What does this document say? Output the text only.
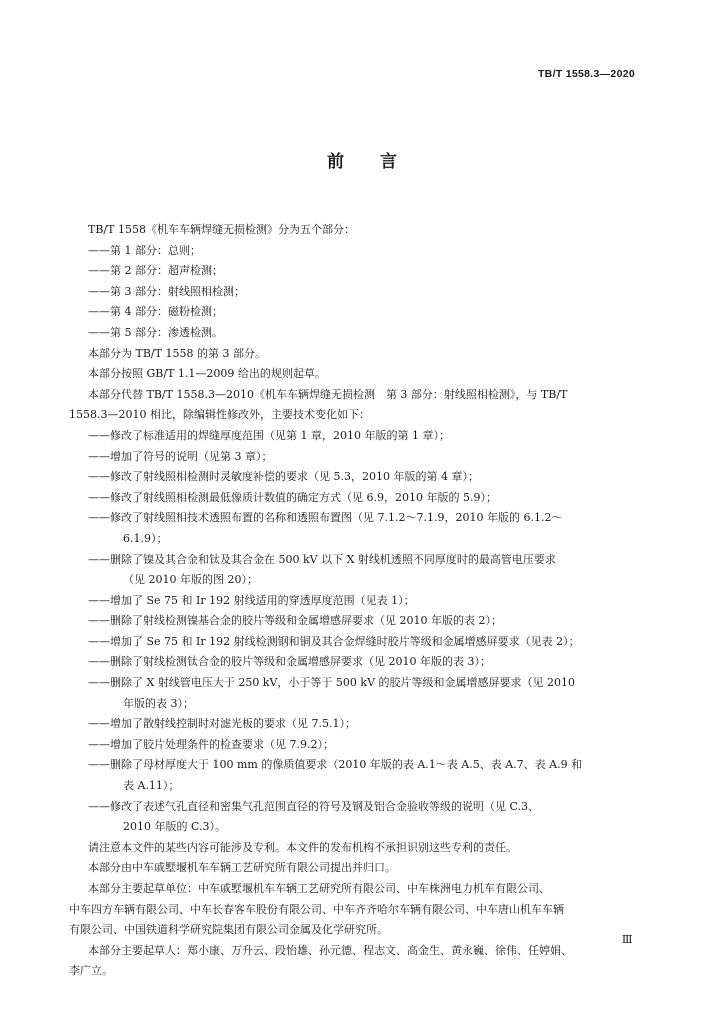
TB/T 1558.3—2020
前言
TB/T 1558《机车车辆焊缝无损检测》分为五个部分：
——第 1 部分：总则；
——第 2 部分：超声检测；
——第 3 部分：射线照相检测；
——第 4 部分：磁粉检测；
——第 5 部分：渗透检测。
本部分为 TB/T 1558 的第 3 部分。
本部分按照 GB/T 1.1—2009 给出的规则起草。
本部分代替 TB/T 1558.3—2010《机车车辆焊缝无损检测　第 3 部分：射线照相检测》，与 TB/T
1558.3—2010 相比，除编辑性修改外，主要技术变化如下：
——修改了标准适用的焊缝厚度范围（见第 1 章，2010 年版的第 1 章）；
——增加了符号的说明（见第 3 章）；
——修改了射线照相检测时灵敏度补偿的要求（见 5.3，2010 年版的第 4 章）；
——修改了射线照相检测最低像质计数值的确定方式（见 6.9，2010 年版的 5.9）；
——修改了射线照相技术透照布置的名称和透照布置图（见 7.1.2～7.1.9，2010 年版的 6.1.2～
6.1.9）；
——删除了镍及其合金和钛及其合金在 500 kV 以下 X 射线机透照不同厚度时的最高管电压要求
（见 2010 年版的图 20）；
——增加了 Se 75 和 Ir 192 射线适用的穿透厚度范围（见表 1）；
——删除了射线检测镍基合金的胶片等级和金属增感屏要求（见 2010 年版的表 2）；
——增加了 Se 75 和 Ir 192 射线检测钢和铜及其合金焊缝时胶片等级和金属增感屏要求（见表 2）；
——删除了射线检测钛合金的胶片等级和金属增感屏要求（见 2010 年版的表 3）；
——删除了 X 射线管电压大于 250 kV，小于等于 500 kV 的胶片等级和金属增感屏要求（见 2010
年版的表 3）；
——增加了散射线控制时对滤光板的要求（见 7.5.1）；
——增加了胶片处理条件的检查要求（见 7.9.2）；
——删除了母材厚度大于 100 mm 的像质值要求（2010 年版的表 A.1～表 A.5、表 A.7、表 A.9 和
表 A.11）；
——修改了表述气孔直径和密集气孔范围直径的符号及钢及铝合金验收等级的说明（见 C.3、
2010 年版的 C.3）。
请注意本文件的某些内容可能涉及专利。本文件的发布机构不承担识别这些专利的责任。
本部分由中车戚墅堰机车车辆工艺研究所有限公司提出并归口。
本部分主要起草单位：中车戚墅堰机车车辆工艺研究所有限公司、中车株洲电力机车有限公司、
中车四方车辆有限公司、中车长春客车股份有限公司、中车齐齐哈尔车辆有限公司、中车唐山机车车辆
有限公司、中国铁道科学研究院集团有限公司金属及化学研究所。
本部分主要起草人：郑小康、万升云、段怡雄、孙元德、程志文、高金生、黄永巍、徐伟、任婷娟、
李广立。
Ⅲ
